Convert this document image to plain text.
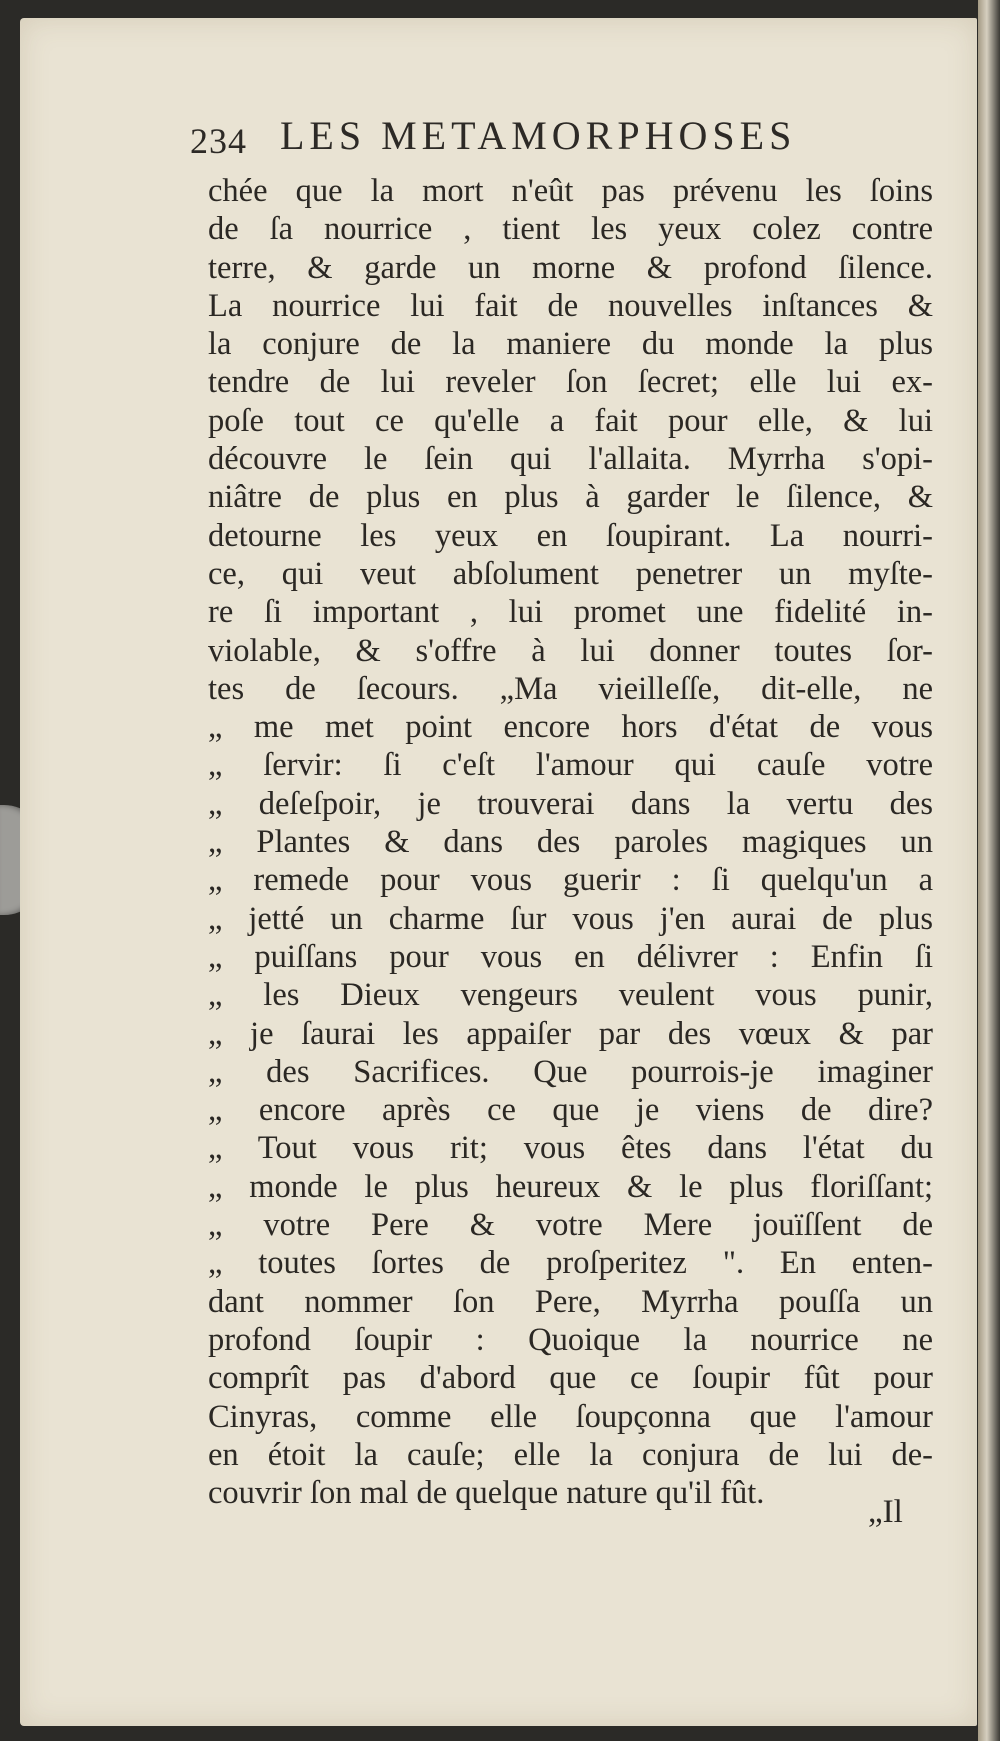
234 LES METAMORPHOSES
chée que la mort n'eût pas prévenu les ſoins
de ſa nourrice , tient les yeux colez contre
terre, & garde un morne & profond ſilence.
La nourrice lui fait de nouvelles inſtances &
la conjure de la maniere du monde la plus
tendre de lui reveler ſon ſecret; elle lui ex-
poſe tout ce qu'elle a fait pour elle, & lui
découvre le ſein qui l'allaita. Myrrha s'opi-
niâtre de plus en plus à garder le ſilence, &
detourne les yeux en ſoupirant. La nourri-
ce, qui veut abſolument penetrer un myſte-
re ſi important , lui promet une fidelité in-
violable, & s'offre à lui donner toutes ſor-
tes de ſecours. „Ma vieilleſſe, dit-elle, ne
„ me met point encore hors d'état de vous
„ ſervir: ſi c'eſt l'amour qui cauſe votre
„ deſeſpoir, je trouverai dans la vertu des
„ Plantes & dans des paroles magiques un
„ remede pour vous guerir : ſi quelqu'un a
„ jetté un charme ſur vous j'en aurai de plus
„ puiſſans pour vous en délivrer : Enfin ſi
„ les Dieux vengeurs veulent vous punir,
„ je ſaurai les appaiſer par des vœux & par
„ des Sacrifices. Que pourrois-je imaginer
„ encore après ce que je viens de dire?
„ Tout vous rit; vous êtes dans l'état du
„ monde le plus heureux & le plus floriſſant;
„ votre Pere & votre Mere jouïſſent de
„ toutes ſortes de proſperitez ". En enten-
dant nommer ſon Pere, Myrrha pouſſa un
profond ſoupir : Quoique la nourrice ne
comprît pas d'abord que ce ſoupir fût pour
Cinyras, comme elle ſoupçonna que l'amour
en étoit la cauſe; elle la conjura de lui de-
couvrir ſon mal de quelque nature qu'il fût.
„Il
